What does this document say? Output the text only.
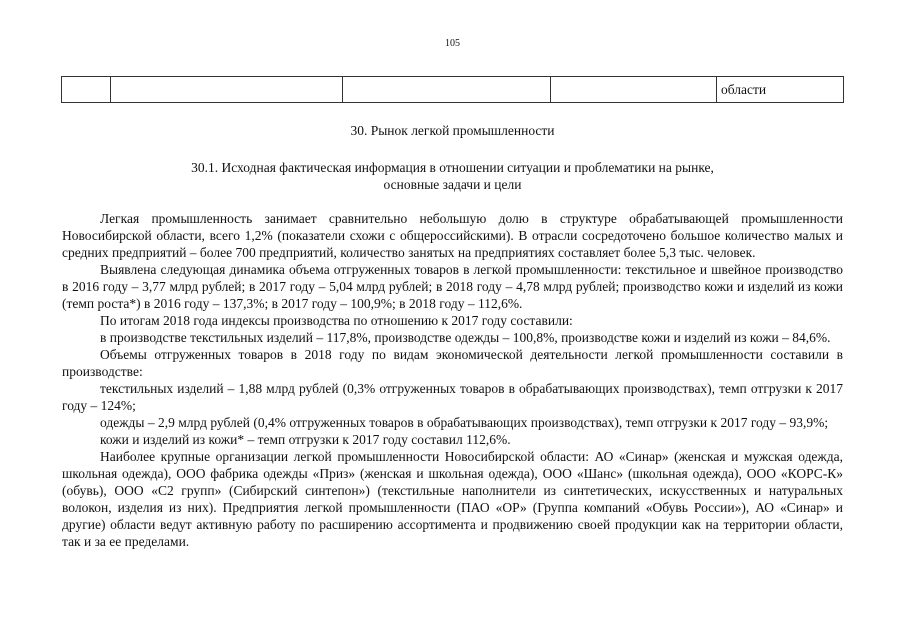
105
				области
30. Рынок легкой промышленности
30.1. Исходная фактическая информация в отношении ситуации и проблематики на рынке,
основные задачи и цели

Легкая промышленность занимает сравнительно небольшую долю в структуре обрабатывающей промышленности Новосибирской области, всего 1,2% (показатели схожи с общероссийскими). В отрасли сосредоточено большое количество малых и средних предприятий – более 700 предприятий, количество занятых на предприятиях составляет более 5,3 тыс. человек.

Выявлена следующая динамика объема отгруженных товаров в легкой промышленности: текстильное и швейное производство в 2016 году – 3,77 млрд рублей; в 2017 году – 5,04 млрд рублей; в 2018 году – 4,78 млрд рублей; производство кожи и изделий из кожи (темп роста*) в 2016 году – 137,3%; в 2017 году – 100,9%; в 2018 году – 112,6%.

По итогам 2018 года индексы производства по отношению к 2017 году составили:

в производстве текстильных изделий – 117,8%, производстве одежды – 100,8%, производстве кожи и изделий из кожи – 84,6%.

Объемы отгруженных товаров в 2018 году по видам экономической деятельности легкой промышленности составили в производстве:

текстильных изделий – 1,88 млрд рублей (0,3% отгруженных товаров в обрабатывающих производствах), темп отгрузки к 2017 году – 124%;

одежды – 2,9 млрд рублей (0,4% отгруженных товаров в обрабатывающих производствах), темп отгрузки к 2017 году – 93,9%;

кожи и изделий из кожи* – темп отгрузки к 2017 году составил 112,6%.

Наиболее крупные организации легкой промышленности Новосибирской области: АО «Синар» (женская и мужская одежда, школьная одежда), ООО фабрика одежды «Приз» (женская и школьная одежда), ООО «Шанс» (школьная одежда), ООО «КОРС-К» (обувь), ООО «С2 групп» (Сибирский синтепон») (текстильные наполнители из синтетических, искусственных и натуральных волокон, изделия из них). Предприятия легкой промышленности (ПАО «ОР» (Группа компаний «Обувь России»), АО «Синар» и другие) области ведут активную работу по расширению ассортимента и продвижению своей продукции как на территории области, так и за ее пределами.
